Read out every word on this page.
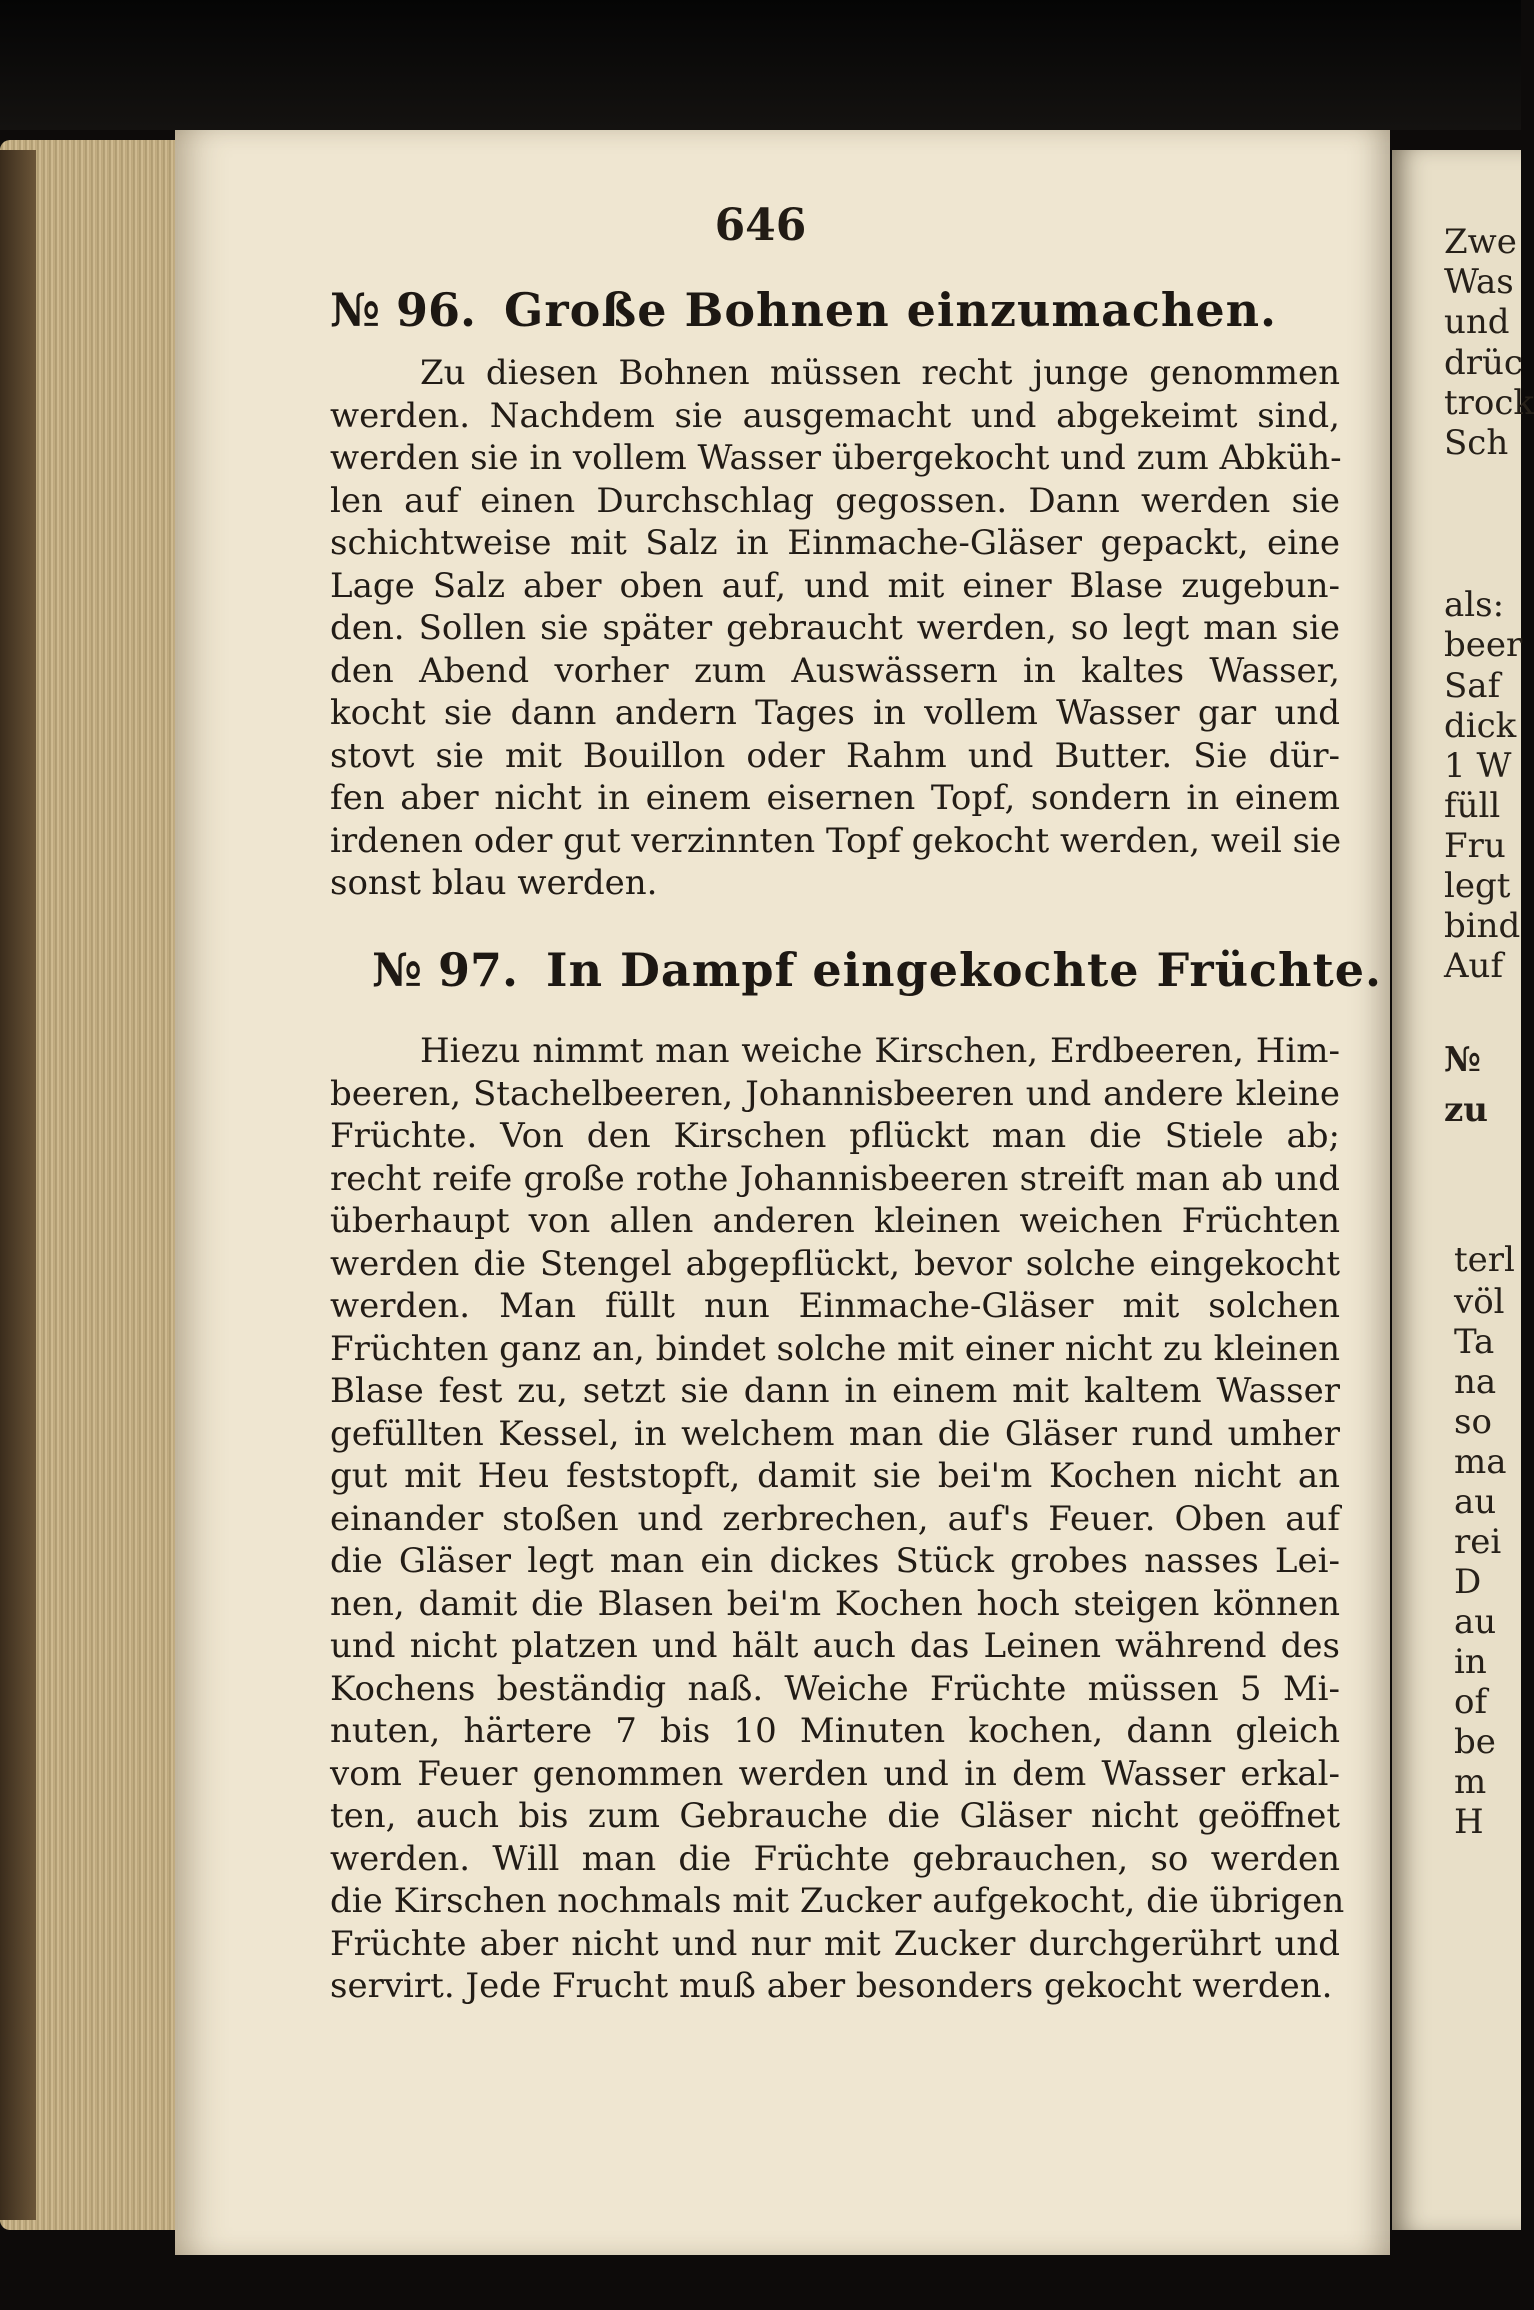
Zwe
Was
und
drüc
trock
Sch
als:
beer
Saf
dick
1 W
füll
Fru
legt
bind
Auf
№
zu
terl
völ
Ta
na
so
ma
au
rei
D
au
in
of
be
m
H
646
№ 96. Große Bohnen einzumachen.
Zu diesen Bohnen müssen recht junge genommen
werden. Nachdem sie ausgemacht und abgekeimt sind,
werden sie in vollem Wasser übergekocht und zum Abküh-
len auf einen Durchschlag gegossen. Dann werden sie
schichtweise mit Salz in Einmache-Gläser gepackt, eine
Lage Salz aber oben auf, und mit einer Blase zugebun-
den. Sollen sie später gebraucht werden, so legt man sie
den Abend vorher zum Auswässern in kaltes Wasser,
kocht sie dann andern Tages in vollem Wasser gar und
stovt sie mit Bouillon oder Rahm und Butter. Sie dür-
fen aber nicht in einem eisernen Topf, sondern in einem
irdenen oder gut verzinnten Topf gekocht werden, weil sie
sonst blau werden.
№ 97. In Dampf eingekochte Früchte.
Hiezu nimmt man weiche Kirschen, Erdbeeren, Him-
beeren, Stachelbeeren, Johannisbeeren und andere kleine
Früchte. Von den Kirschen pflückt man die Stiele ab;
recht reife große rothe Johannisbeeren streift man ab und
überhaupt von allen anderen kleinen weichen Früchten
werden die Stengel abgepflückt, bevor solche eingekocht
werden. Man füllt nun Einmache-Gläser mit solchen
Früchten ganz an, bindet solche mit einer nicht zu kleinen
Blase fest zu, setzt sie dann in einem mit kaltem Wasser
gefüllten Kessel, in welchem man die Gläser rund umher
gut mit Heu feststopft, damit sie bei'm Kochen nicht an
einander stoßen und zerbrechen, auf's Feuer. Oben auf
die Gläser legt man ein dickes Stück grobes nasses Lei-
nen, damit die Blasen bei'm Kochen hoch steigen können
und nicht platzen und hält auch das Leinen während des
Kochens beständig naß. Weiche Früchte müssen 5 Mi-
nuten, härtere 7 bis 10 Minuten kochen, dann gleich
vom Feuer genommen werden und in dem Wasser erkal-
ten, auch bis zum Gebrauche die Gläser nicht geöffnet
werden. Will man die Früchte gebrauchen, so werden
die Kirschen nochmals mit Zucker aufgekocht, die übrigen
Früchte aber nicht und nur mit Zucker durchgerührt und
servirt. Jede Frucht muß aber besonders gekocht werden.
